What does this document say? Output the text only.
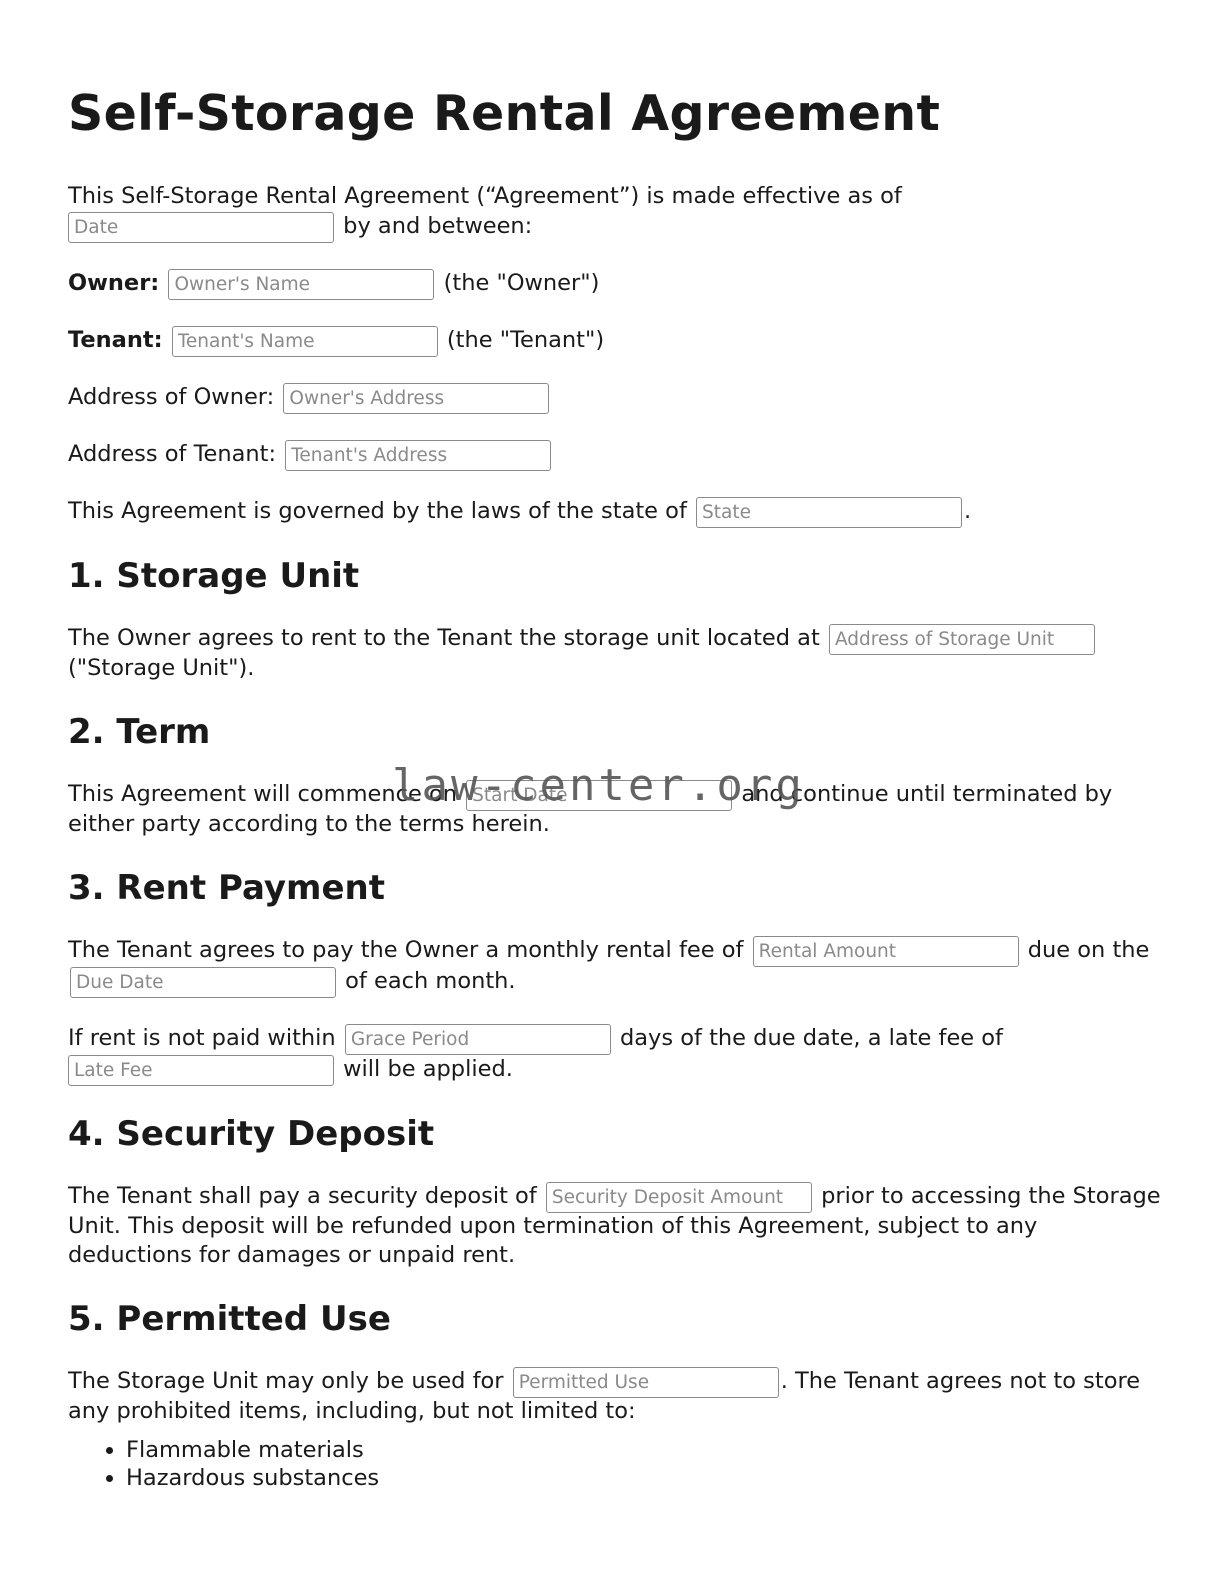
Self-Storage Rental Agreement

This Self-Storage Rental Agreement (“Agreement”) is made effective as of
Date by and between:

Owner: Owner's Name	(the "Owner")
Tenant: Tenant's Name	(the "Tenant")
Address of Owner: Owner's Address
Address of Tenant: Tenant's Address
This Agreement is governed by the laws of the state of State	.
1. Storage Unit

The Owner agrees to rent to the Tenant the storage unit located at Address of Storage Unit
("Storage Unit").

2. Term

This Agreement will commence on Start Date	and continue until terminated by either party according to the terms herein.

3. Rent Payment

The Tenant agrees to pay the Owner a monthly rental fee of Rental Amount	due on the Due Date of each month.

If rent is not paid within Grace Period	days of the due date, a late fee of Late Fee will be applied.

4. Security Deposit

The Tenant shall pay a security deposit of Security Deposit Amount	prior to accessing the Storage Unit. This deposit will be refunded upon termination of this Agreement, subject to any deductions for damages or unpaid rent.

5. Permitted Use

The Storage Unit may only be used for Permitted Use	. The Tenant agrees not to store any prohibited items, including, but not limited to:

• Flammable materials
• Hazardous substances
law-center.org
